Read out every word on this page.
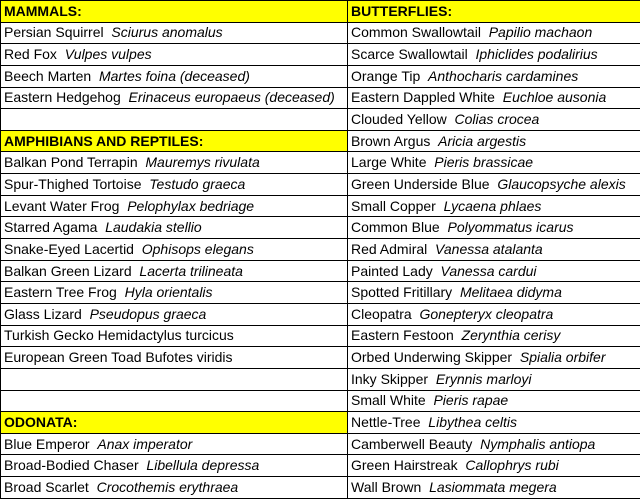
MAMMALS:	BUTTERFLIES:
Persian Squirrel Sciurus anomalus	Common Swallowtail Papilio machaon
Red Fox Vulpes vulpes	Scarce Swallowtail Iphiclides podalirius
Beech Marten Martes foina (deceased)	Orange Tip Anthocharis cardamines
Eastern Hedgehog Erinaceus europaeus (deceased)	Eastern Dappled White Euchloe ausonia
	Clouded Yellow Colias crocea
AMPHIBIANS AND REPTILES:	Brown Argus Aricia argestis
Balkan Pond Terrapin Mauremys rivulata	Large White Pieris brassicae
Spur-Thighed Tortoise Testudo graeca	Green Underside Blue Glaucopsyche alexis
Levant Water Frog Pelophylax bedriage	Small Copper Lycaena phlaes
Starred Agama Laudakia stellio	Common Blue Polyommatus icarus
Snake-Eyed Lacertid Ophisops elegans	Red Admiral Vanessa atalanta
Balkan Green Lizard Lacerta trilineata	Painted Lady Vanessa cardui
Eastern Tree Frog Hyla orientalis	Spotted Fritillary Melitaea didyma
Glass Lizard Pseudopus graeca	Cleopatra Gonepteryx cleopatra
Turkish Gecko Hemidactylus turcicus	Eastern Festoon Zerynthia cerisy
European Green Toad Bufotes viridis	Orbed Underwing Skipper Spialia orbifer
	Inky Skipper Erynnis marloyi
	Small White Pieris rapae
ODONATA:	Nettle-Tree Libythea celtis
Blue Emperor Anax imperator	Camberwell Beauty Nymphalis antiopa
Broad-Bodied Chaser Libellula depressa	Green Hairstreak Callophrys rubi
Broad Scarlet Crocothemis erythraea	Wall Brown Lasiommata megera
